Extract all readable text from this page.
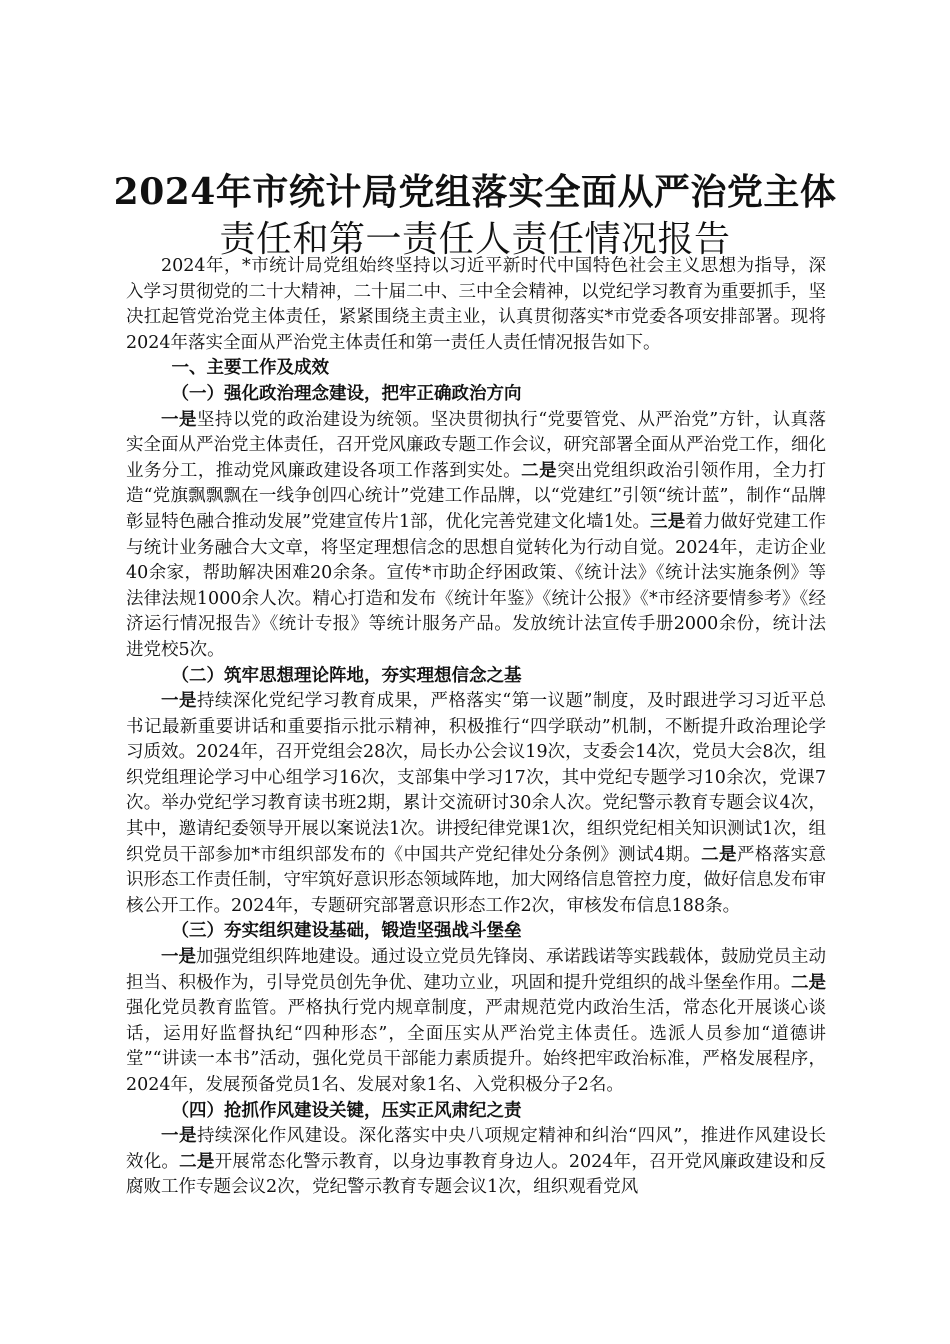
2024年市统计局党组落实全面从严治党主体
责任和第一责任人责任情况报告

2024年，*市统计局党组始终坚持以习近平新时代中国特色社会主义思想为指导，深入学习贯彻党的二十大精神，二十届二中、三中全会精神，以党纪学习教育为重要抓手，坚决扛起管党治党主体责任，紧紧围绕主责主业，认真贯彻落实*市党委各项安排部署。现将2024年落实全面从严治党主体责任和第一责任人责任情况报告如下。

一、主要工作及成效

（一）强化政治理念建设，把牢正确政治方向

一是坚持以党的政治建设为统领。坚决贯彻执行“党要管党、从严治党”方针，认真落实全面从严治党主体责任，召开党风廉政专题工作会议，研究部署全面从严治党工作，细化业务分工，推动党风廉政建设各项工作落到实处。二是突出党组织政治引领作用，全力打造“党旗飘飘飘在一线争创四心统计”党建工作品牌，以“党建红”引领“统计蓝”，制作“品牌彰显特色融合推动发展”党建宣传片1部，优化完善党建文化墙1处。三是着力做好党建工作与统计业务融合大文章，将坚定理想信念的思想自觉转化为行动自觉。2024年，走访企业40余家，帮助解决困难20余条。宣传*市助企纾困政策、《统计法》《统计法实施条例》等法律法规1000余人次。精心打造和发布《统计年鉴》《统计公报》《*市经济要情参考》《经济运行情况报告》《统计专报》等统计服务产品。发放统计法宣传手册2000余份，统计法进党校5次。

（二）筑牢思想理论阵地，夯实理想信念之基

一是持续深化党纪学习教育成果，严格落实“第一议题”制度，及时跟进学习习近平总书记最新重要讲话和重要指示批示精神，积极推行“四学联动”机制，不断提升政治理论学习质效。2024年，召开党组会28次，局长办公会议19次，支委会14次，党员大会8次，组织党组理论学习中心组学习16次，支部集中学习17次，其中党纪专题学习10余次，党课7次。举办党纪学习教育读书班2期，累计交流研讨30余人次。党纪警示教育专题会议4次，其中，邀请纪委领导开展以案说法1次。讲授纪律党课1次，组织党纪相关知识测试1次，组织党员干部参加*市组织部发布的《中国共产党纪律处分条例》测试4期。二是严格落实意识形态工作责任制，守牢筑好意识形态领域阵地，加大网络信息管控力度，做好信息发布审核公开工作。2024年，专题研究部署意识形态工作2次，审核发布信息188条。

（三）夯实组织建设基础，锻造坚强战斗堡垒

一是加强党组织阵地建设。通过设立党员先锋岗、承诺践诺等实践载体，鼓励党员主动担当、积极作为，引导党员创先争优、建功立业，巩固和提升党组织的战斗堡垒作用。二是强化党员教育监管。严格执行党内规章制度，严肃规范党内政治生活，常态化开展谈心谈话，运用好监督执纪“四种形态”，全面压实从严治党主体责任。选派人员参加“道德讲堂”“讲读一本书”活动，强化党员干部能力素质提升。始终把牢政治标准，严格发展程序，2024年，发展预备党员1名、发展对象1名、入党积极分子2名。

（四）抢抓作风建设关键，压实正风肃纪之责

一是持续深化作风建设。深化落实中央八项规定精神和纠治“四风”，推进作风建设长效化。二是开展常态化警示教育，以身边事教育身边人。2024年，召开党风廉政建设和反腐败工作专题会议2次，党纪警示教育专题会议1次，组织观看党风
